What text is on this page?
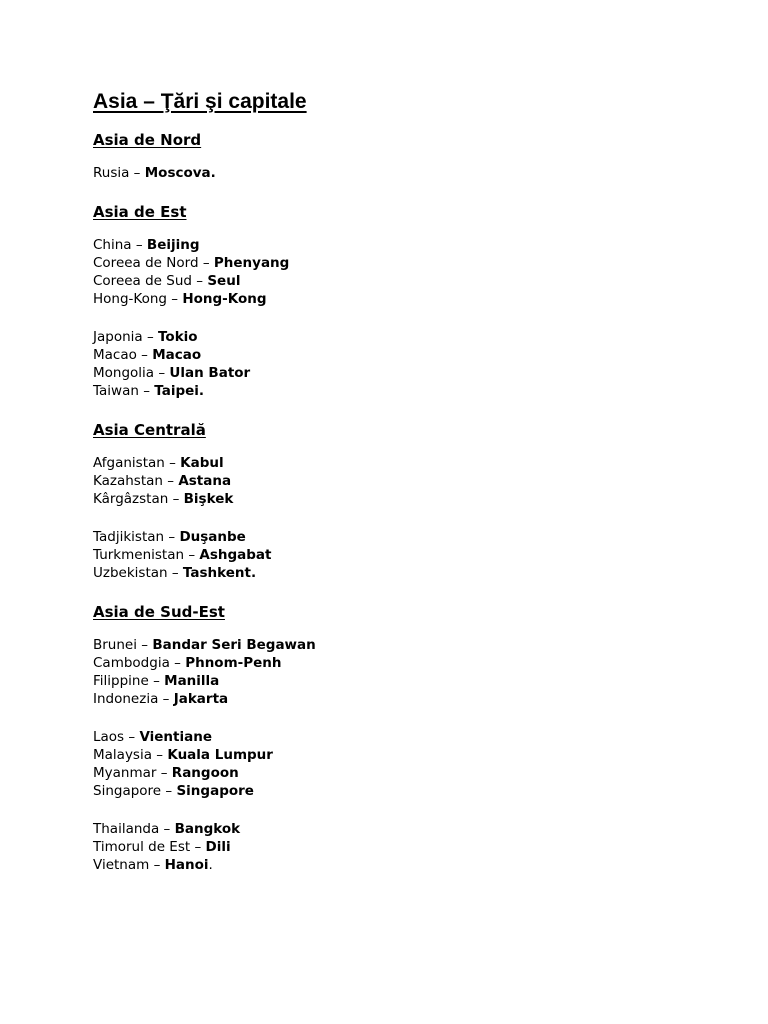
Asia – Ţări şi capitale
Asia de Nord
Rusia – Moscova.
Asia de Est
China – Beijing
Coreea de Nord – Phenyang
Coreea de Sud – Seul
Hong-Kong – Hong-Kong
Japonia – Tokio
Macao – Macao
Mongolia – Ulan Bator
Taiwan – Taipei.
Asia Centrală
Afganistan – Kabul
Kazahstan – Astana
Kârgâzstan – Bişkek
Tadjikistan – Duşanbe
Turkmenistan – Ashgabat
Uzbekistan – Tashkent.
Asia de Sud-Est
Brunei – Bandar Seri Begawan
Cambodgia – Phnom-Penh
Filippine – Manilla
Indonezia – Jakarta
Laos – Vientiane
Malaysia – Kuala Lumpur
Myanmar – Rangoon
Singapore – Singapore
Thailanda – Bangkok
Timorul de Est – Dili
Vietnam – Hanoi.
